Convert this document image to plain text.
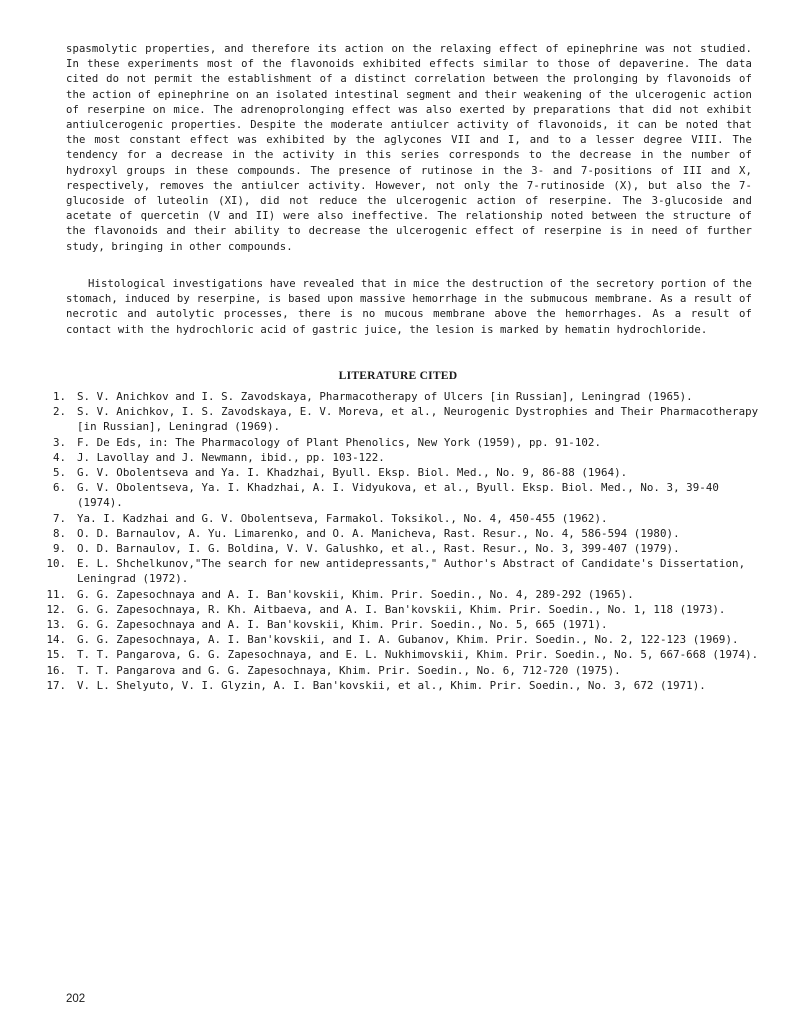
spasmolytic properties, and therefore its action on the relaxing effect of epinephrine was not studied. In these experiments most of the flavonoids exhibited effects similar to those of depaverine. The data cited do not permit the establishment of a distinct correlation between the prolonging by flavonoids of the action of epinephrine on an isolated intestinal segment and their weakening of the ulcerogenic action of reserpine on mice. The adrenoprolonging effect was also exerted by preparations that did not exhibit antiulcerogenic properties. Despite the moderate antiulcer activity of flavonoids, it can be noted that the most constant effect was exhibited by the aglycones VII and I, and to a lesser degree VIII. The tendency for a decrease in the activity in this series corresponds to the decrease in the number of hydroxyl groups in these compounds. The presence of rutinose in the 3- and 7-positions of III and X, respectively, removes the antiulcer activity. However, not only the 7-rutinoside (X), but also the 7-glucoside of luteolin (XI), did not reduce the ulcerogenic action of reserpine. The 3-glucoside and acetate of quercetin (V and II) were also ineffective. The relationship noted between the structure of the flavonoids and their ability to decrease the ulcerogenic effect of reserpine is in need of further study, bringing in other compounds.

Histological investigations have revealed that in mice the destruction of the secretory portion of the stomach, induced by reserpine, is based upon massive hemorrhage in the submucous membrane. As a result of necrotic and autolytic processes, there is no mucous membrane above the hemorrhages. As a result of contact with the hydrochloric acid of gastric juice, the lesion is marked by hematin hydrochloride.

LITERATURE CITED
1. S. V. Anichkov and I. S. Zavodskaya, Pharmacotherapy of Ulcers [in Russian], Leningrad (1965).
2. S. V. Anichkov, I. S. Zavodskaya, E. V. Moreva, et al., Neurogenic Dystrophies and Their Pharmacotherapy [in Russian], Leningrad (1969).
3. F. De Eds, in: The Pharmacology of Plant Phenolics, New York (1959), pp. 91-102.
4. J. Lavollay and J. Newmann, ibid., pp. 103-122.
5. G. V. Obolentseva and Ya. I. Khadzhai, Byull. Eksp. Biol. Med., No. 9, 86-88 (1964).
6. G. V. Obolentseva, Ya. I. Khadzhai, A. I. Vidyukova, et al., Byull. Eksp. Biol. Med., No. 3, 39-40 (1974).
7. Ya. I. Kadzhai and G. V. Obolentseva, Farmakol. Toksikol., No. 4, 450-455 (1962).
8. O. D. Barnaulov, A. Yu. Limarenko, and O. A. Manicheva, Rast. Resur., No. 4, 586-594 (1980).
9. O. D. Barnaulov, I. G. Boldina, V. V. Galushko, et al., Rast. Resur., No. 3, 399-407 (1979).
10. E. L. Shchelkunov,"The search for new antidepressants," Author's Abstract of Candidate's Dissertation, Leningrad (1972).
11. G. G. Zapesochnaya and A. I. Ban'kovskii, Khim. Prir. Soedin., No. 4, 289-292 (1965).
12. G. G. Zapesochnaya, R. Kh. Aitbaeva, and A. I. Ban'kovskii, Khim. Prir. Soedin., No. 1, 118 (1973).
13. G. G. Zapesochnaya and A. I. Ban'kovskii, Khim. Prir. Soedin., No. 5, 665 (1971).
14. G. G. Zapesochnaya, A. I. Ban'kovskii, and I. A. Gubanov, Khim. Prir. Soedin., No. 2, 122-123 (1969).
15. T. T. Pangarova, G. G. Zapesochnaya, and E. L. Nukhimovskii, Khim. Prir. Soedin., No. 5, 667-668 (1974).
16. T. T. Pangarova and G. G. Zapesochnaya, Khim. Prir. Soedin., No. 6, 712-720 (1975).
17. V. L. Shelyuto, V. I. Glyzin, A. I. Ban'kovskii, et al., Khim. Prir. Soedin., No. 3, 672 (1971).
202
